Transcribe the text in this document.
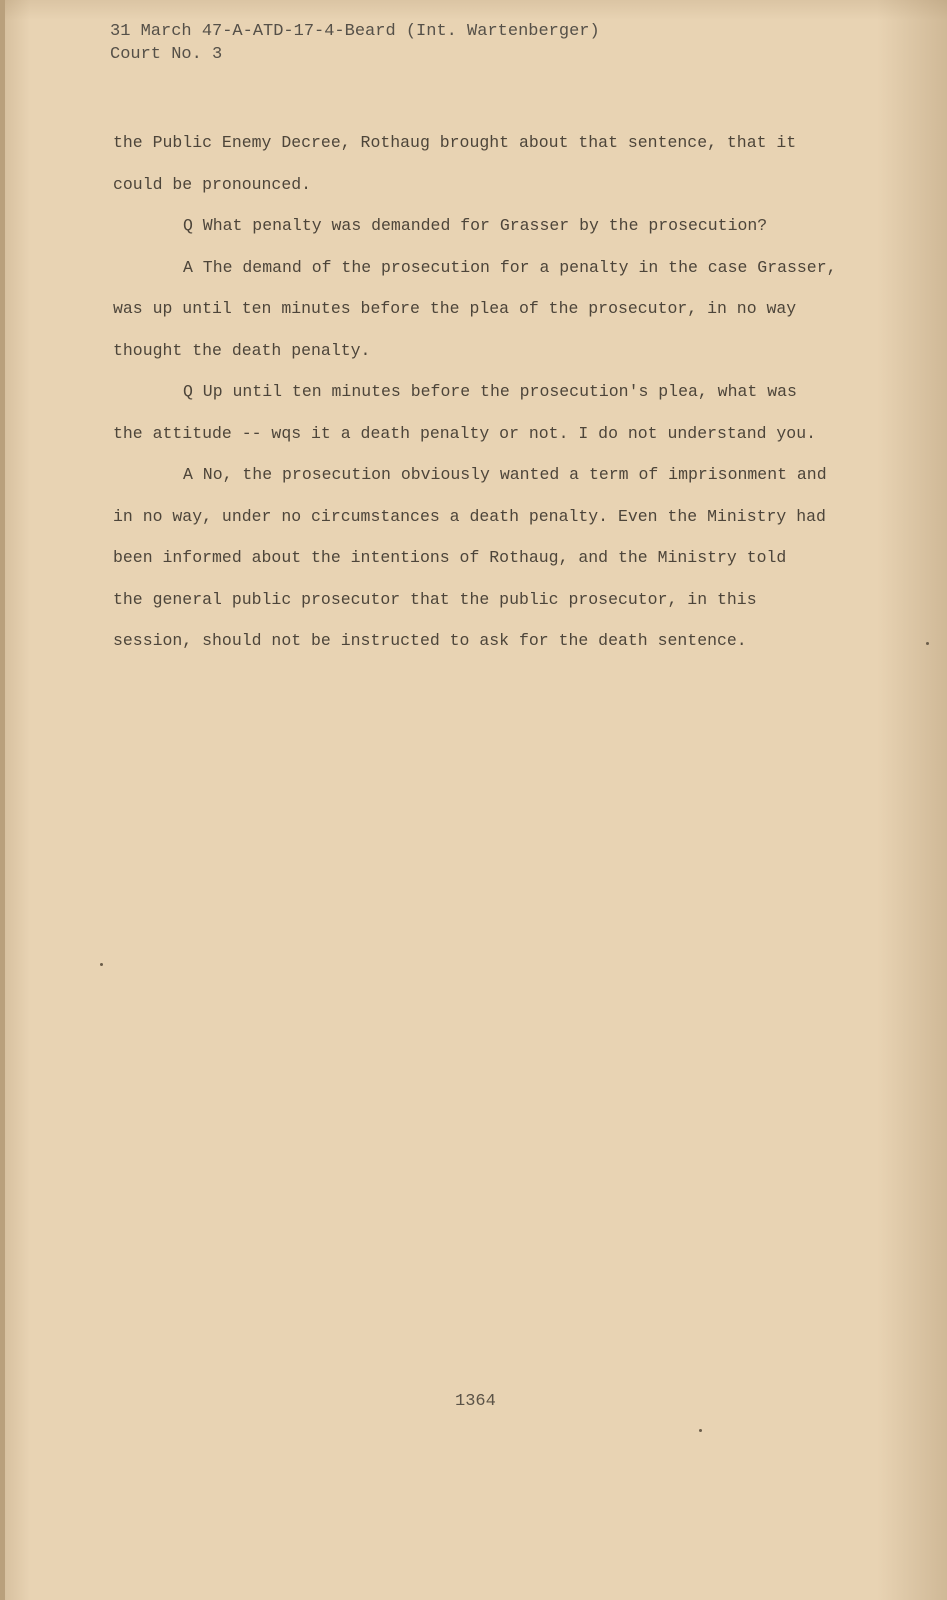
31 March 47-A-ATD-17-4-Beard (Int. Wartenberger)
Court No. 3
the Public Enemy Decree, Rothaug brought about that sentence, that it
could be pronounced.
Q What penalty was demanded for Grasser by the prosecution?
A The demand of the prosecution for a penalty in the case Grasser,
was up until ten minutes before the plea of the prosecutor, in no way
thought the death penalty.
Q Up until ten minutes before the prosecution's plea, what was
the attitude -- wqs it a death penalty or not. I do not understand you.
A No, the prosecution obviously wanted a term of imprisonment and
in no way, under no circumstances a death penalty. Even the Ministry had
been informed about the intentions of Rothaug, and the Ministry told
the general public prosecutor that the public prosecutor, in this
session, should not be instructed to ask for the death sentence.
1364
